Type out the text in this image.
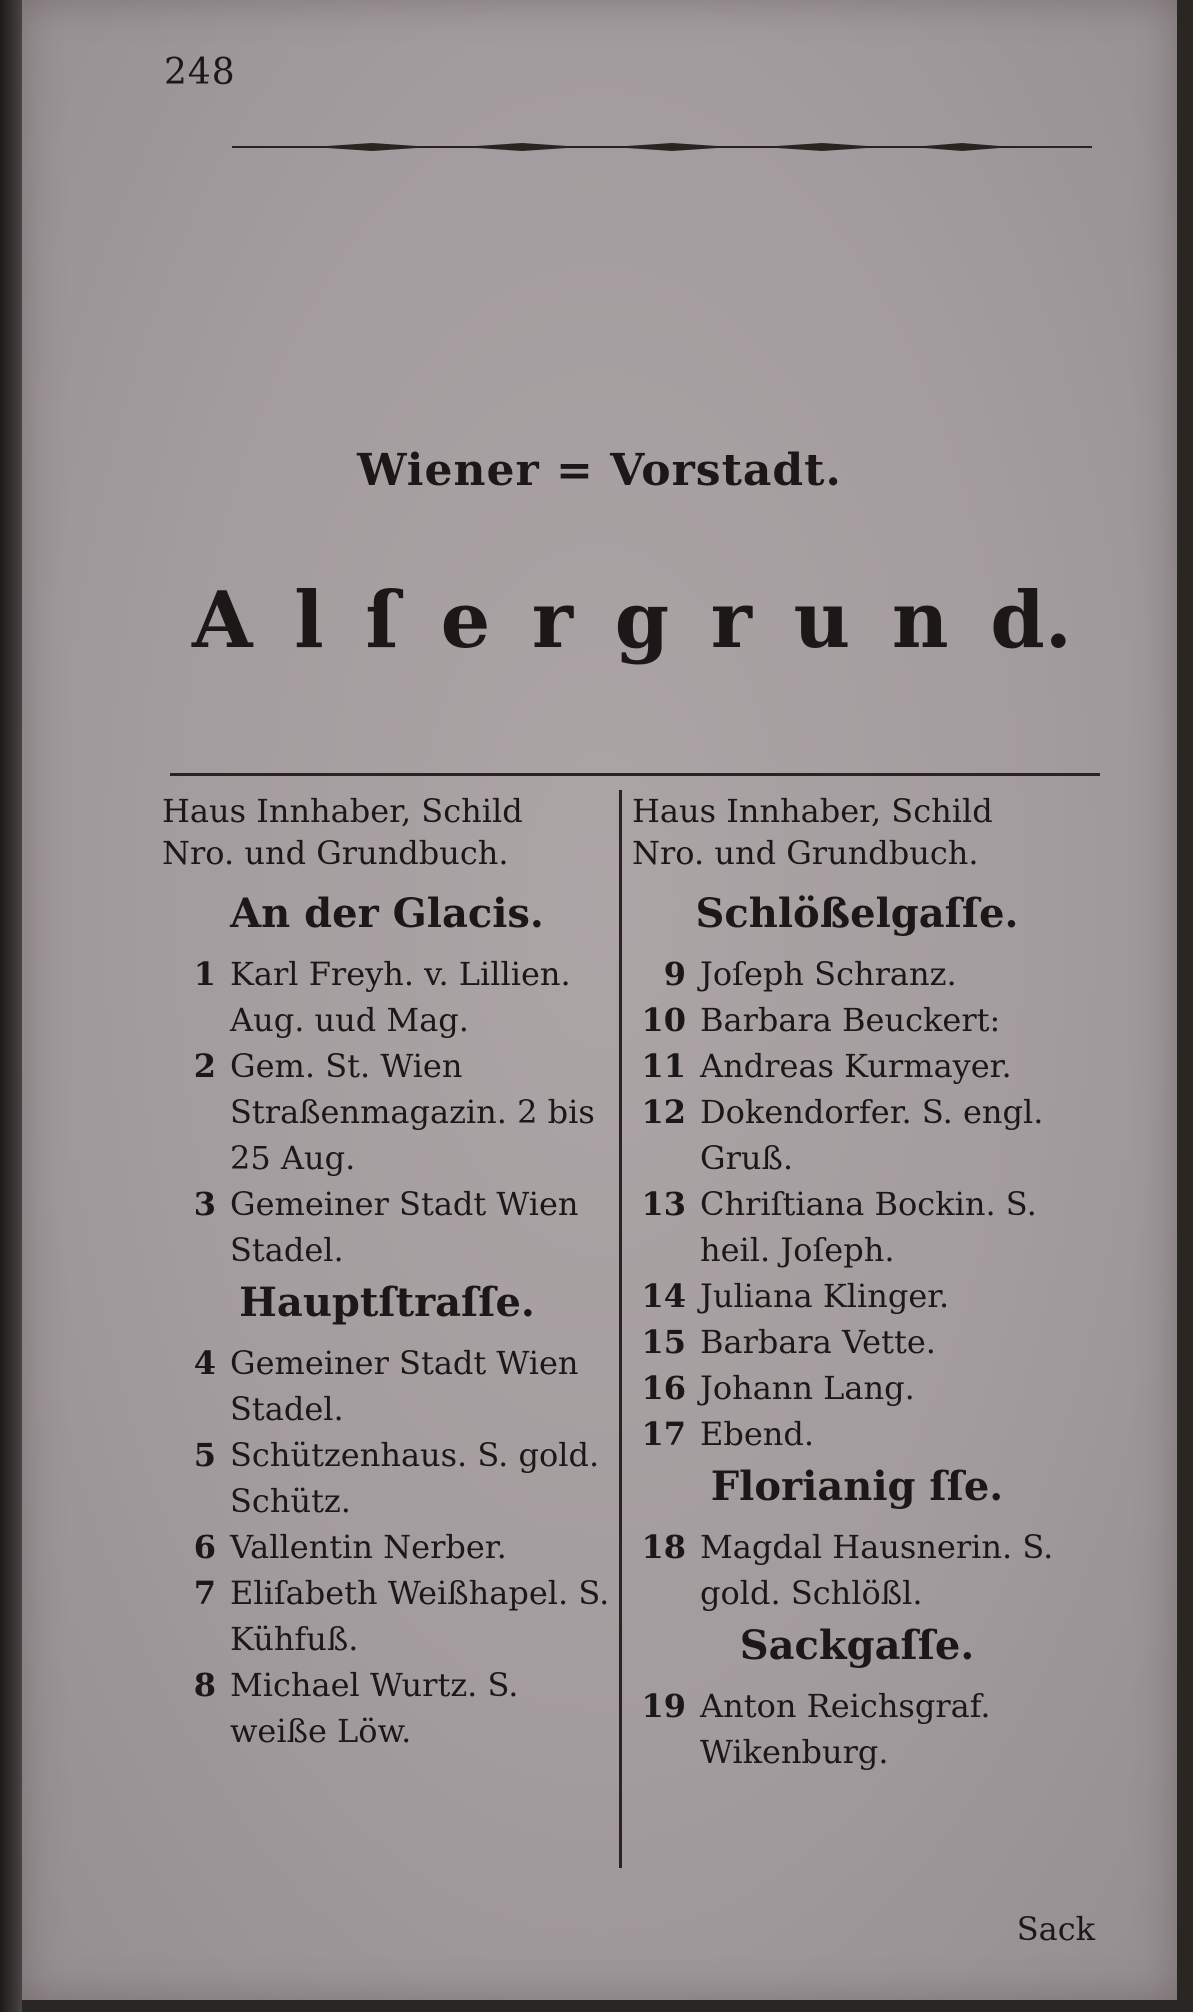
248
Wiener = Vorstadt.
A l ſ e r g r u n d.
Haus Innhaber, Schild
Nro. und Grundbuch.
An der Glacis.
1 Karl Freyh. v. Lillien. Aug. uud Mag.
2 Gem. St. Wien Straßenmagazin. 2 bis 25 Aug.
3 Gemeiner Stadt Wien Stadel.
Hauptſtraſſe.
4 Gemeiner Stadt Wien Stadel.
5 Schützenhaus. S. gold. Schütz.
6 Vallentin Nerber.
7 Eliſabeth Weißhapel. S. Kühfuß.
8 Michael Wurtz. S. weiße Löw.
Haus Innhaber, Schild
Nro. und Grundbuch.
Schlößelgaſſe.
9 Joſeph Schranz.
10 Barbara Beuckert:
11 Andreas Kurmayer.
12 Dokendorfer. S. engl. Gruß.
13 Chriſtiana Bockin. S. heil. Joſeph.
14 Juliana Klinger.
15 Barbara Vette.
16 Johann Lang.
17 Ebend.
Florianig ſſe.
18 Magdal Hausnerin. S. gold. Schlößl.
Sackgaſſe.
19 Anton Reichsgraf. Wikenburg.
Sack
